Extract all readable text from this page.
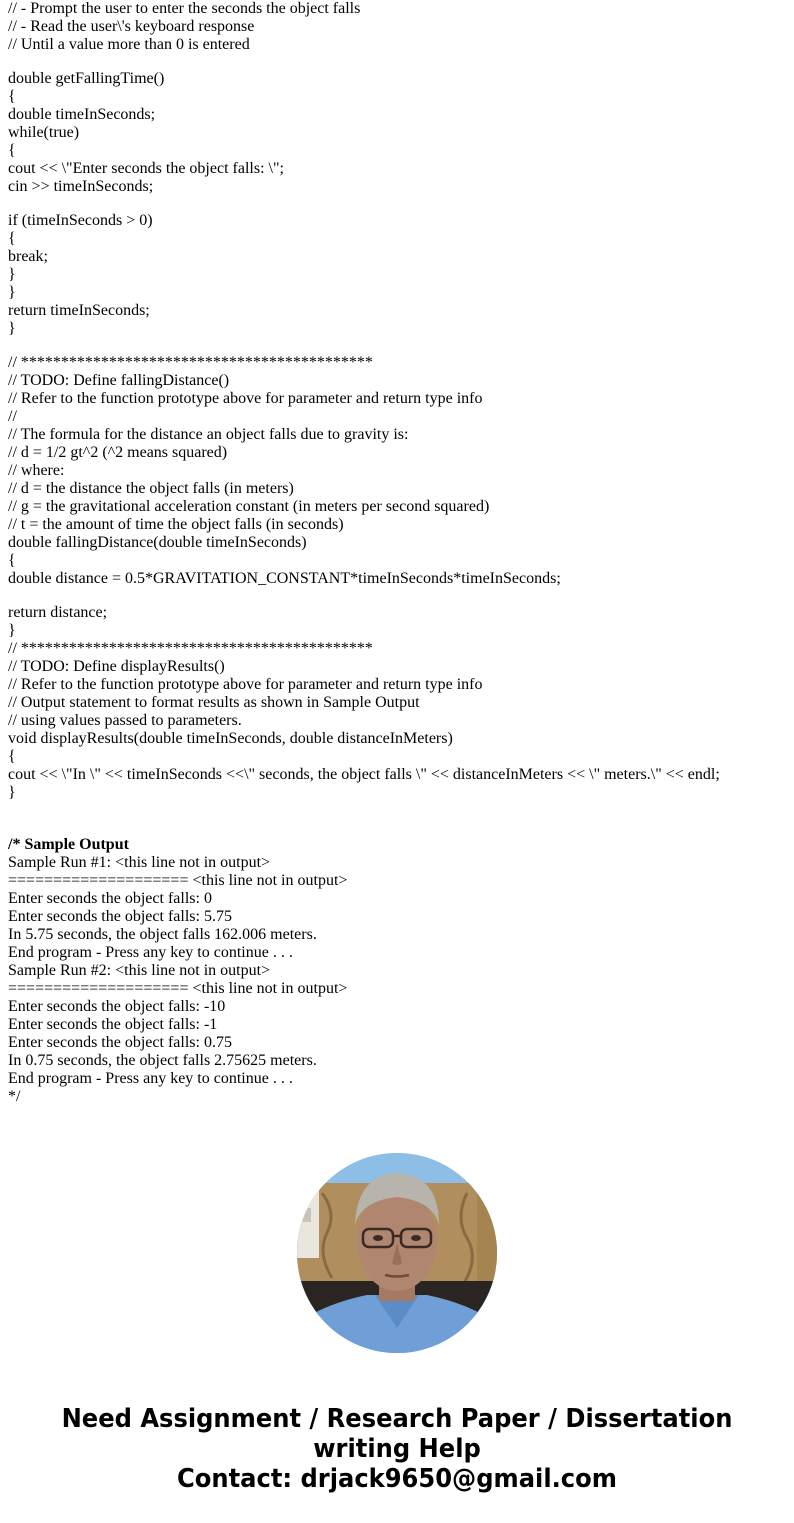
// - Prompt the user to enter the seconds the object falls
// - Read the user\'s keyboard response
// Until a value more than 0 is entered
double getFallingTime()
{
double timeInSeconds;
while(true)
{
cout << \"Enter seconds the object falls: \";
cin >> timeInSeconds;
if (timeInSeconds > 0)
{
break;
}
}
return timeInSeconds;
}
// ********************************************
// TODO: Define fallingDistance()
// Refer to the function prototype above for parameter and return type info
//
// The formula for the distance an object falls due to gravity is:
// d = 1/2 gt^2 (^2 means squared)
// where:
// d = the distance the object falls (in meters)
// g = the gravitational acceleration constant (in meters per second squared)
// t = the amount of time the object falls (in seconds)
double fallingDistance(double timeInSeconds)
{
double distance = 0.5*GRAVITATION_CONSTANT*timeInSeconds*timeInSeconds;
return distance;
}
// ********************************************
// TODO: Define displayResults()
// Refer to the function prototype above for parameter and return type info
// Output statement to format results as shown in Sample Output
// using values passed to parameters.
void displayResults(double timeInSeconds, double distanceInMeters)
{
cout << \"In \" << timeInSeconds <<\" seconds, the object falls \" << distanceInMeters << \" meters.\" << endl;
}
/* Sample Output
Sample Run #1: <this line not in output>
==================== <this line not in output>
Enter seconds the object falls: 0
Enter seconds the object falls: 5.75
In 5.75 seconds, the object falls 162.006 meters.
End program - Press any key to continue . . .
Sample Run #2: <this line not in output>
==================== <this line not in output>
Enter seconds the object falls: -10
Enter seconds the object falls: -1
Enter seconds the object falls: 0.75
In 0.75 seconds, the object falls 2.75625 meters.
End program - Press any key to continue . . .
*/
Need Assignment / Research Paper / Dissertation
writing Help
Contact: drjack9650@gmail.com
